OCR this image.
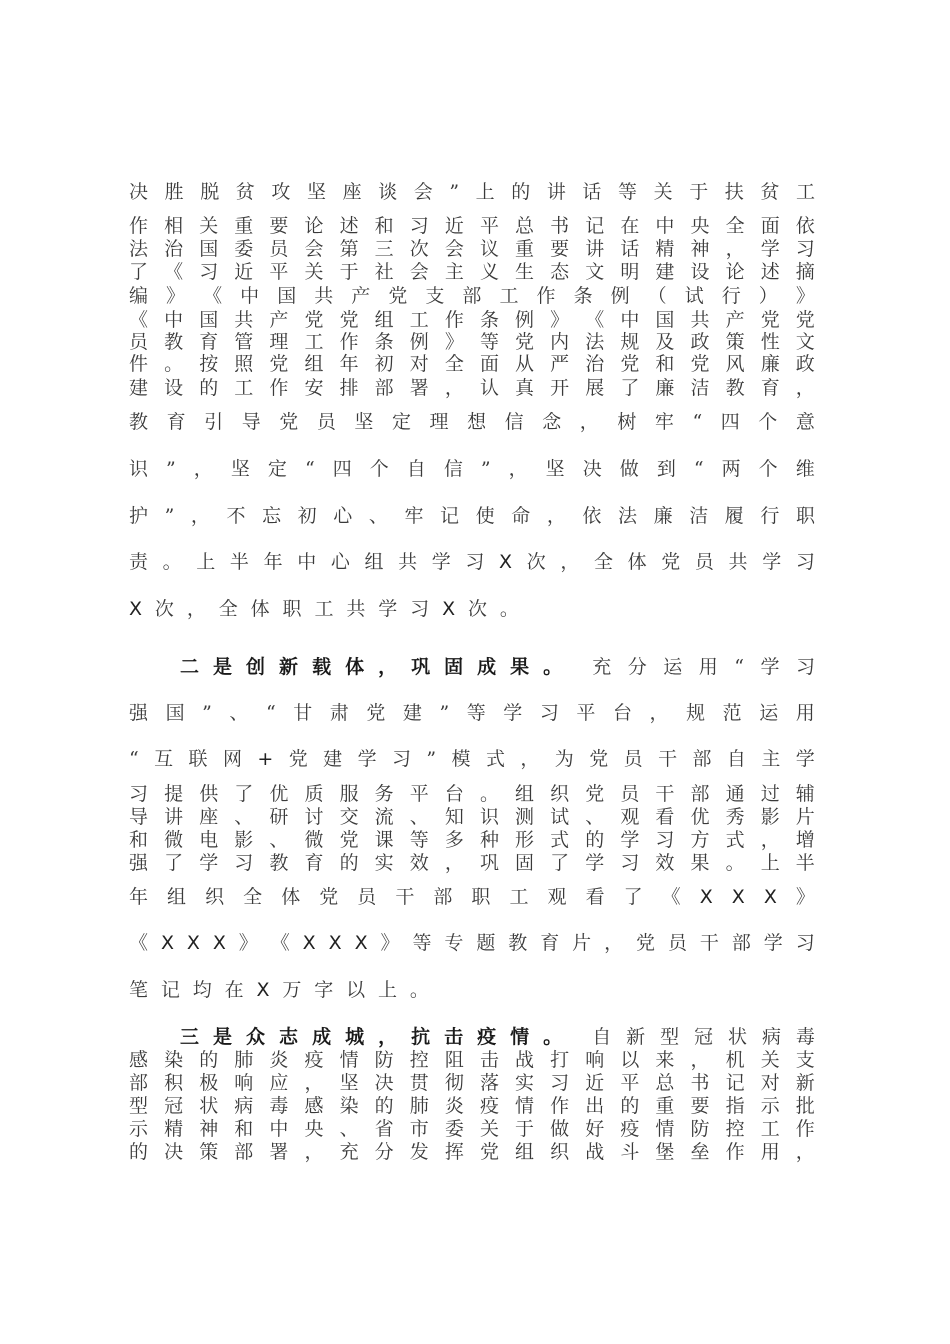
决 胜 脱 贫 攻 坚 座 谈 会 ” 上 的 讲 话 等 关 于 扶 贫 工
作 相 关 重 要 论 述 和 习 近 平 总 书 记 在 中 央 全 面 依
法 治 国 委 员 会 第 三 次 会 议 重 要 讲 话 精 神 ， 学 习
了 《 习 近 平 关 于 社 会 主 义 生 态 文 明 建 设 论 述 摘
编 》 《 中 国 共 产 党 支 部 工 作 条 例 （ 试 行 ） 》
《 中 国 共 产 党 党 组 工 作 条 例 》 《 中 国 共 产 党 党
员 教 育 管 理 工 作 条 例 》 等 党 内 法 规 及 政 策 性 文
件 。 按 照 党 组 年 初 对 全 面 从 严 治 党 和 党 风 廉 政
建 设 的 工 作 安 排 部 署 ， 认 真 开 展 了 廉 洁 教 育 ，
教 育 引 导 党 员 坚 定 理 想 信 念 ， 树 牢 “ 四 个 意
识 ” ， 坚 定 “ 四 个 自 信 ” ， 坚 决 做 到 “ 两 个 维
护 ” ， 不 忘 初 心 、 牢 记 使 命 ， 依 法 廉 洁 履 行 职
责 。 上 半 年 中 心 组 共 学 习 X 次 ， 全 体 党 员 共 学 习
X 次 ， 全 体 职 工 共 学 习 X 次 。
二 是 创 新 载 体 ， 巩 固 成 果 。 充 分 运 用 “ 学 习
强 国 ” 、 “ 甘 肃 党 建 ” 等 学 习 平 台 ， 规 范 运 用
“ 互 联 网 + 党 建 学 习 ” 模 式 ， 为 党 员 干 部 自 主 学
习 提 供 了 优 质 服 务 平 台 。 组 织 党 员 干 部 通 过 辅
导 讲 座 、 研 讨 交 流 、 知 识 测 试 、 观 看 优 秀 影 片
和 微 电 影 、 微 党 课 等 多 种 形 式 的 学 习 方 式 ， 增
强 了 学 习 教 育 的 实 效 ， 巩 固 了 学 习 效 果 。 上 半
年 组 织 全 体 党 员 干 部 职 工 观 看 了 《 X X X 》
《 X X X 》 《 X X X 》 等 专 题 教 育 片 ， 党 员 干 部 学 习
笔 记 均 在 X 万 字 以 上 。
三 是 众 志 成 城 ， 抗 击 疫 情 。 自 新 型 冠 状 病 毒
感 染 的 肺 炎 疫 情 防 控 阻 击 战 打 响 以 来 ， 机 关 支
部 积 极 响 应 ， 坚 决 贯 彻 落 实 习 近 平 总 书 记 对 新
型 冠 状 病 毒 感 染 的 肺 炎 疫 情 作 出 的 重 要 指 示 批
示 精 神 和 中 央 、 省 市 委 关 于 做 好 疫 情 防 控 工 作
的 决 策 部 署 ， 充 分 发 挥 党 组 织 战 斗 堡 垒 作 用 ，
